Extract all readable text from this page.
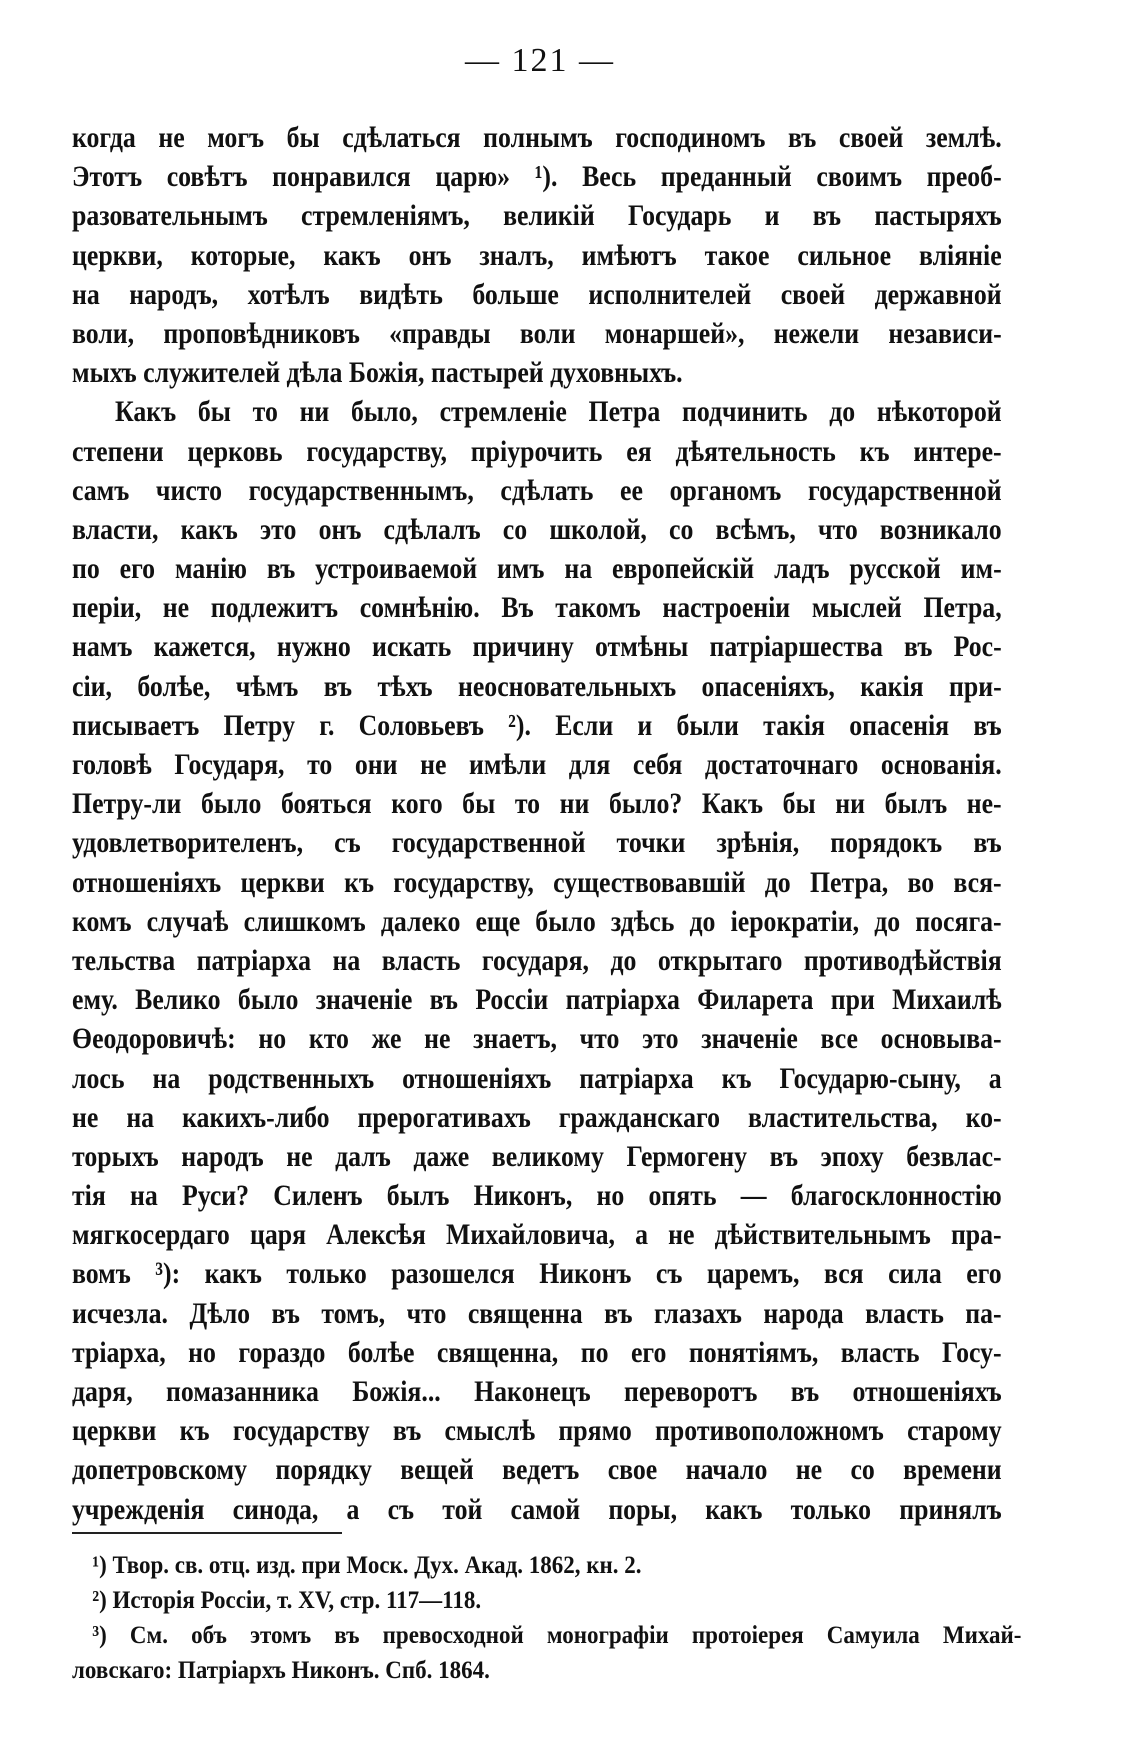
— 121 —
когда не могъ бы сдѣлаться полнымъ господиномъ въ своей землѣ.
Этотъ совѣтъ понравился царю» ¹). Весь преданный своимъ преоб-
разовательнымъ стремленіямъ, великій Государь и въ пастыряхъ
церкви, которые, какъ онъ зналъ, имѣютъ такое сильное вліяніе
на народъ, хотѣлъ видѣть больше исполнителей своей державной
воли, проповѣдниковъ «правды воли монаршей», нежели независи-
мыхъ служителей дѣла Божія, пастырей духовныхъ.
Какъ бы то ни было, стремленіе Петра подчинить до нѣкоторой
степени церковь государству, пріурочить ея дѣятельность къ интере-
самъ чисто государственнымъ, сдѣлать ее органомъ государственной
власти, какъ это онъ сдѣлалъ со школой, со всѣмъ, что возникало
по его манію въ устроиваемой имъ на европейскій ладъ русской им-
періи, не подлежитъ сомнѣнію. Въ такомъ настроеніи мыслей Петра,
намъ кажется, нужно искать причину отмѣны патріаршества въ Рос-
сіи, болѣе, чѣмъ въ тѣхъ неосновательныхъ опасеніяхъ, какія при-
писываетъ Петру г. Соловьевъ ²). Если и были такія опасенія въ
головѣ Государя, то они не имѣли для себя достаточнаго основанія.
Петру-ли было бояться кого бы то ни было? Какъ бы ни былъ не-
удовлетворителенъ, съ государственной точки зрѣнія, порядокъ въ
отношеніяхъ церкви къ государству, существовавшій до Петра, во вся-
комъ случаѣ слишкомъ далеко еще было здѣсь до іерократіи, до посяга-
тельства патріарха на власть государя, до открытаго противодѣйствія
ему. Велико было значеніе въ Россіи патріарха Филарета при Михаилѣ
Өеодоровичѣ: но кто же не знаетъ, что это значеніе все основыва-
лось на родственныхъ отношеніяхъ патріарха къ Государю-сыну, а
не на какихъ-либо прерогативахъ гражданскаго властительства, ко-
торыхъ народъ не далъ даже великому Гермогену въ эпоху безвлас-
тія на Руси? Силенъ былъ Никонъ, но опять — благосклонностію
мягкосердаго царя Алексѣя Михайловича, а не дѣйствительнымъ пра-
вомъ ³): какъ только разошелся Никонъ съ царемъ, вся сила его
исчезла. Дѣло въ томъ, что священна въ глазахъ народа власть па-
тріарха, но гораздо болѣе священна, по его понятіямъ, власть Госу-
даря, помазанника Божія... Наконецъ переворотъ въ отношеніяхъ
церкви къ государству въ смыслѣ прямо противоположномъ старому
допетровскому порядку вещей ведетъ свое начало не со времени
учрежденія синода, а съ той самой поры, какъ только принялъ
¹) Твор. св. отц. изд. при Моск. Дух. Акад. 1862, кн. 2.
²) Исторія Россіи, т. XV, стр. 117—118.
³) См. объ этомъ въ превосходной монографіи протоіерея Самуила Михай-
ловскаго: Патріархъ Никонъ. Спб. 1864.
